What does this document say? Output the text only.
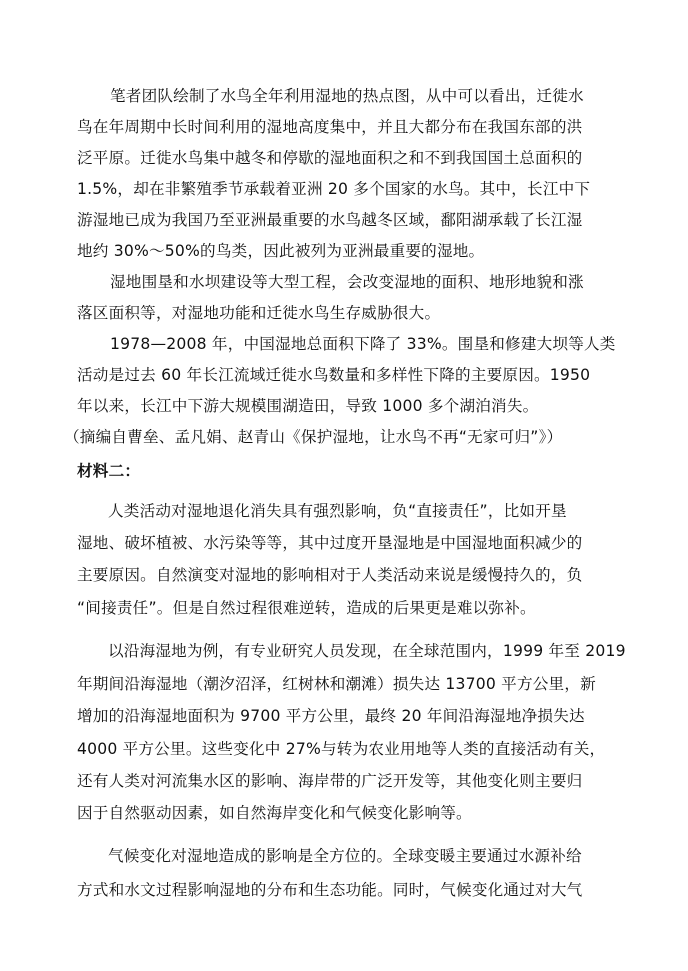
笔者团队绘制了水鸟全年利用湿地的热点图，从中可以看出，迁徙水
鸟在年周期中长时间利用的湿地高度集中，并且大都分布在我国东部的洪
泛平原。迁徙水鸟集中越冬和停歇的湿地面积之和不到我国国土总面积的
1.5%，却在非繁殖季节承载着亚洲 20 多个国家的水鸟。其中，长江中下
游湿地已成为我国乃至亚洲最重要的水鸟越冬区域，鄱阳湖承载了长江湿
地约 30%～50%的鸟类，因此被列为亚洲最重要的湿地。
湿地围垦和水坝建设等大型工程，会改变湿地的面积、地形地貌和涨
落区面积等，对湿地功能和迁徙水鸟生存威胁很大。
1978—2008 年，中国湿地总面积下降了 33%。围垦和修建大坝等人类
活动是过去 60 年长江流域迁徙水鸟数量和多样性下降的主要原因。1950
年以来，长江中下游大规模围湖造田，导致 1000 多个湖泊消失。
（摘编自曹垒、孟凡娟、赵青山《保护湿地，让水鸟不再“无家可归”》）
材料二：
人类活动对湿地退化消失具有强烈影响，负“直接责任”，比如开垦
湿地、破坏植被、水污染等等，其中过度开垦湿地是中国湿地面积减少的
主要原因。自然演变对湿地的影响相对于人类活动来说是缓慢持久的，负
“间接责任”。但是自然过程很难逆转，造成的后果更是难以弥补。
以沿海湿地为例，有专业研究人员发现，在全球范围内，1999 年至 2019
年期间沿海湿地（潮汐沼泽，红树林和潮滩）损失达 13700 平方公里，新
增加的沿海湿地面积为 9700 平方公里，最终 20 年间沿海湿地净损失达
4000 平方公里。这些变化中 27%与转为农业用地等人类的直接活动有关，
还有人类对河流集水区的影响、海岸带的广泛开发等，其他变化则主要归
因于自然驱动因素，如自然海岸变化和气候变化影响等。
气候变化对湿地造成的影响是全方位的。全球变暖主要通过水源补给
方式和水文过程影响湿地的分布和生态功能。同时，气候变化通过对大气
